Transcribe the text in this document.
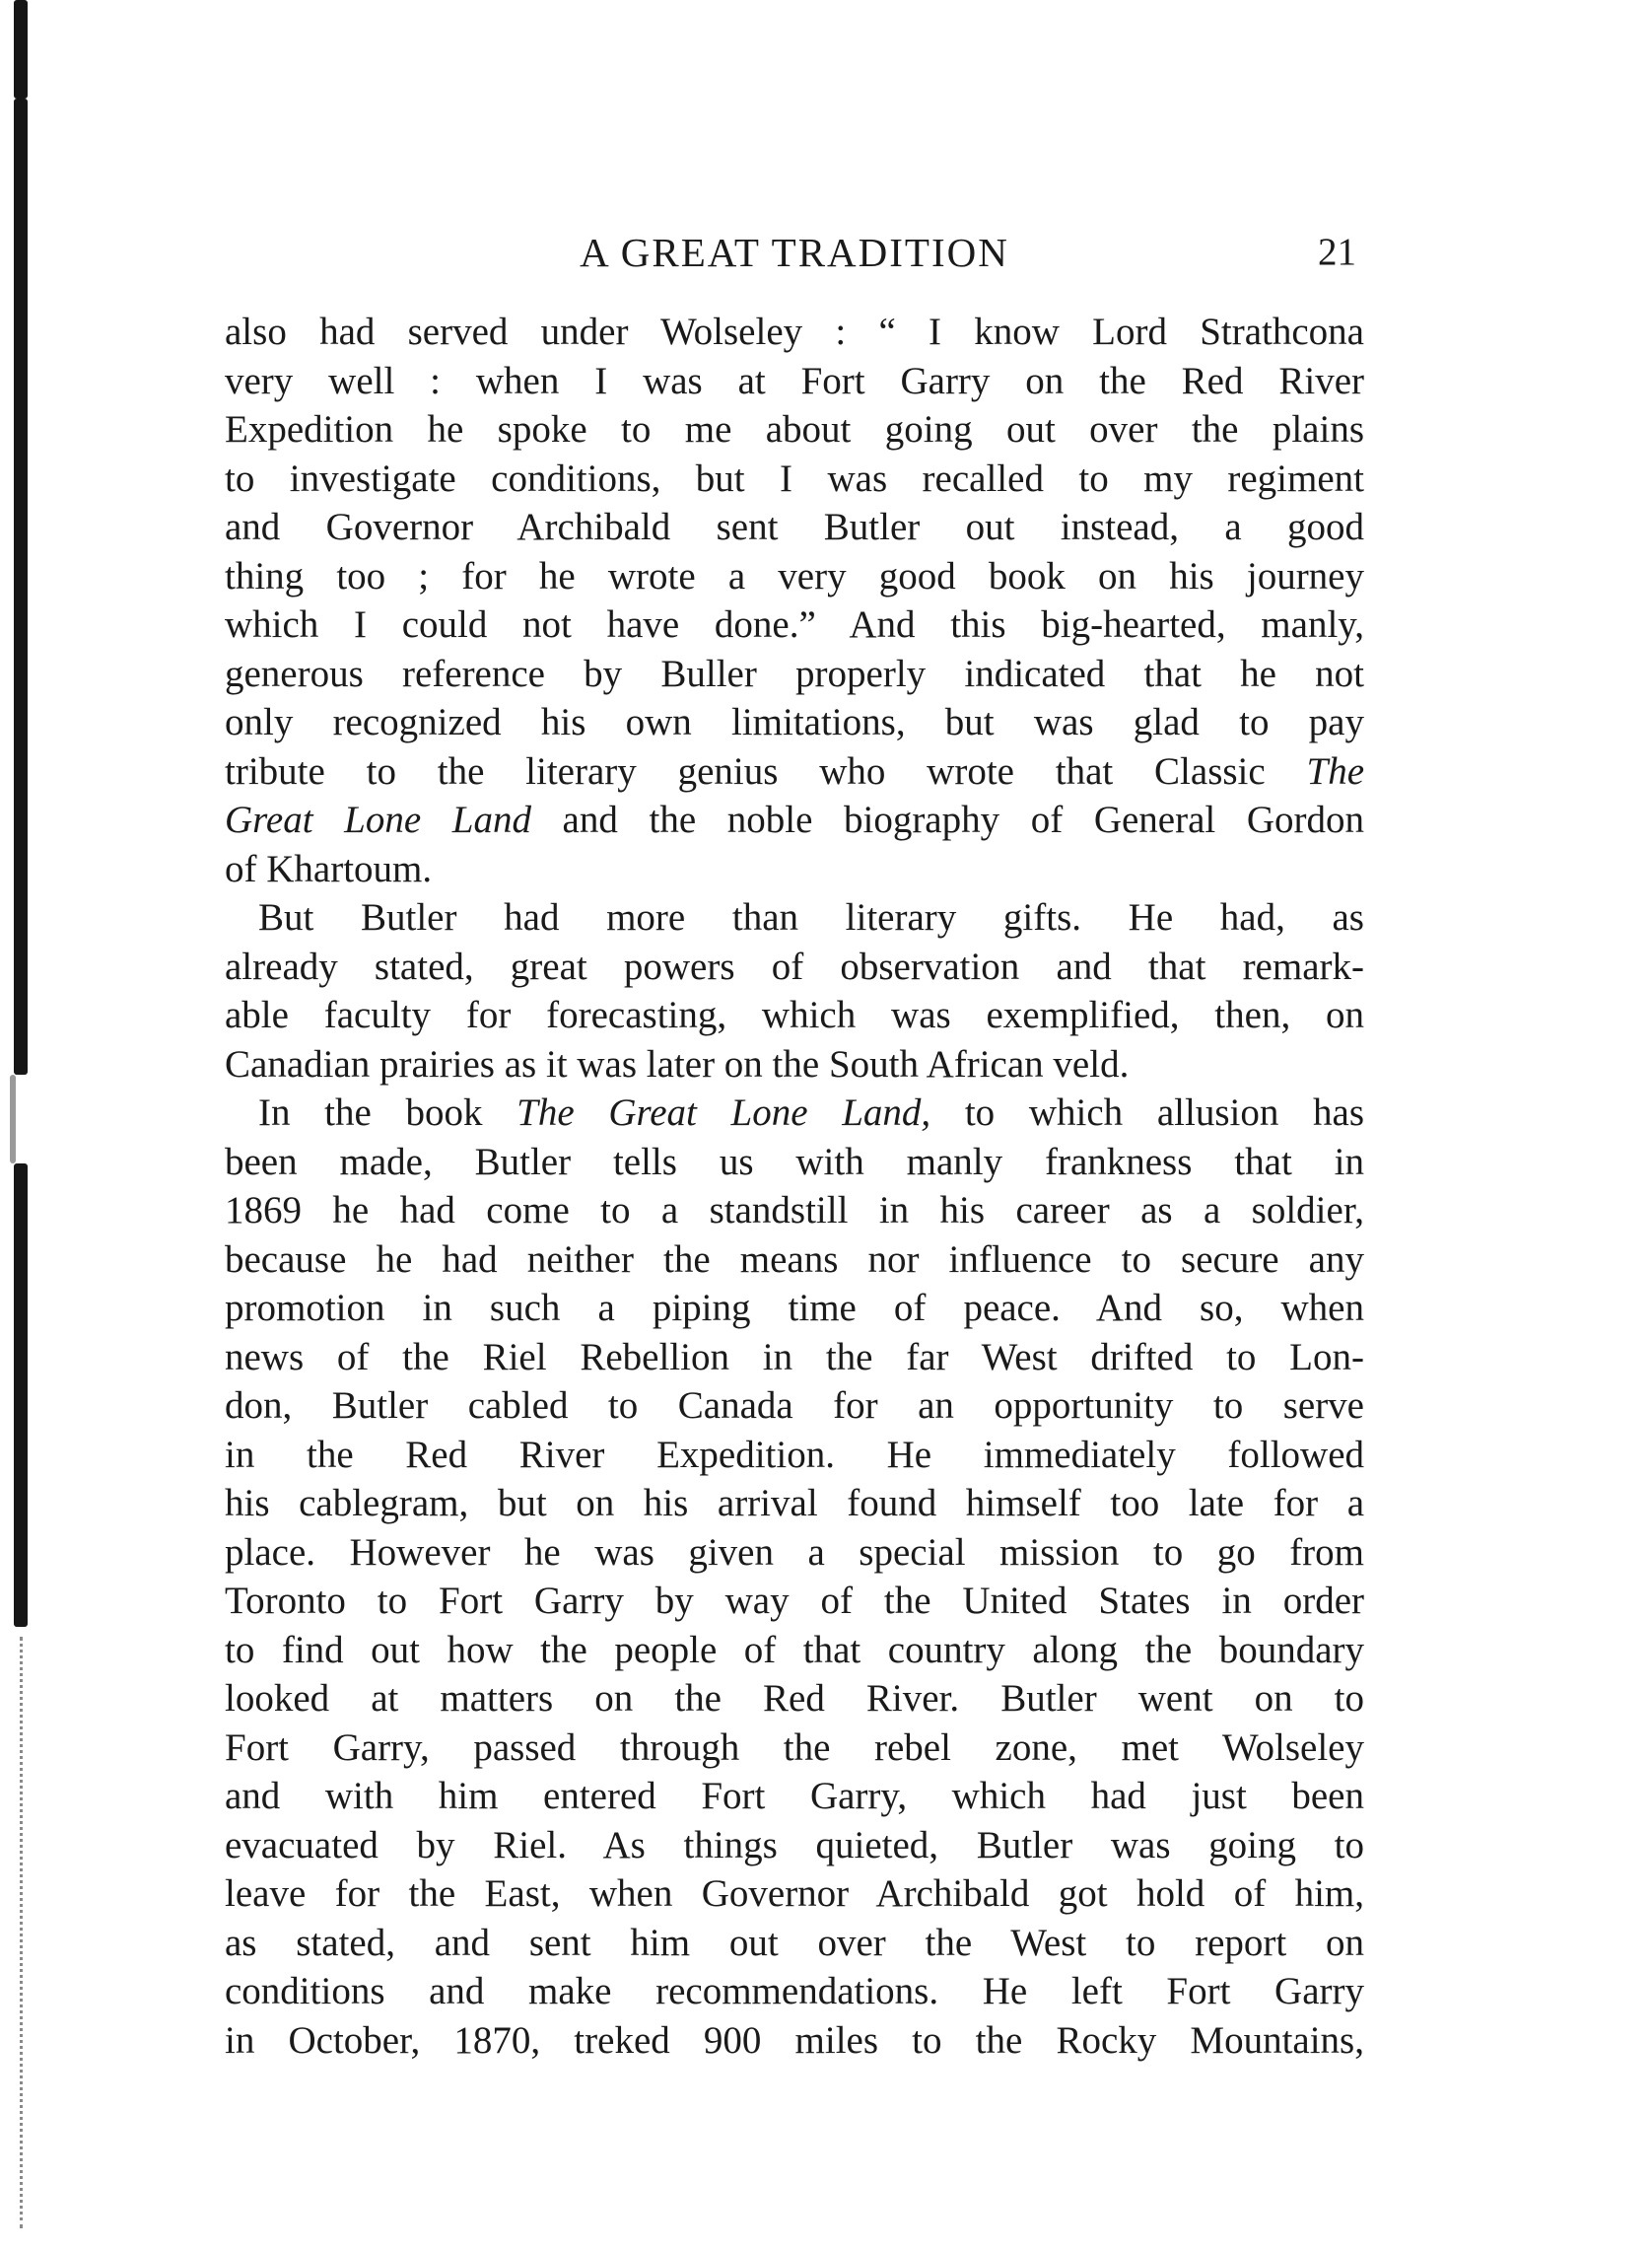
A GREAT TRADITION	21
also had served under Wolseley : “ I know Lord Strathcona
very well : when I was at Fort Garry on the Red River
Expedition he spoke to me about going out over the plains
to investigate conditions, but I was recalled to my regiment
and Governor Archibald sent Butler out instead, a good
thing too ; for he wrote a very good book on his journey
which I could not have done.” And this big-hearted, manly,
generous reference by Buller properly indicated that he not
only recognized his own limitations, but was glad to pay
tribute to the literary genius who wrote that Classic The
Great Lone Land and the noble biography of General Gordon
of Khartoum.
But Butler had more than literary gifts. He had, as
already stated, great powers of observation and that remark-
able faculty for forecasting, which was exemplified, then, on
Canadian prairies as it was later on the South African veld.
In the book The Great Lone Land, to which allusion has
been made, Butler tells us with manly frankness that in
1869 he had come to a standstill in his career as a soldier,
because he had neither the means nor influence to secure any
promotion in such a piping time of peace. And so, when
news of the Riel Rebellion in the far West drifted to Lon-
don, Butler cabled to Canada for an opportunity to serve
in the Red River Expedition. He immediately followed
his cablegram, but on his arrival found himself too late for a
place. However he was given a special mission to go from
Toronto to Fort Garry by way of the United States in order
to find out how the people of that country along the boundary
looked at matters on the Red River. Butler went on to
Fort Garry, passed through the rebel zone, met Wolseley
and with him entered Fort Garry, which had just been
evacuated by Riel. As things quieted, Butler was going to
leave for the East, when Governor Archibald got hold of him,
as stated, and sent him out over the West to report on
conditions and make recommendations. He left Fort Garry
in October, 1870, treked 900 miles to the Rocky Mountains,
